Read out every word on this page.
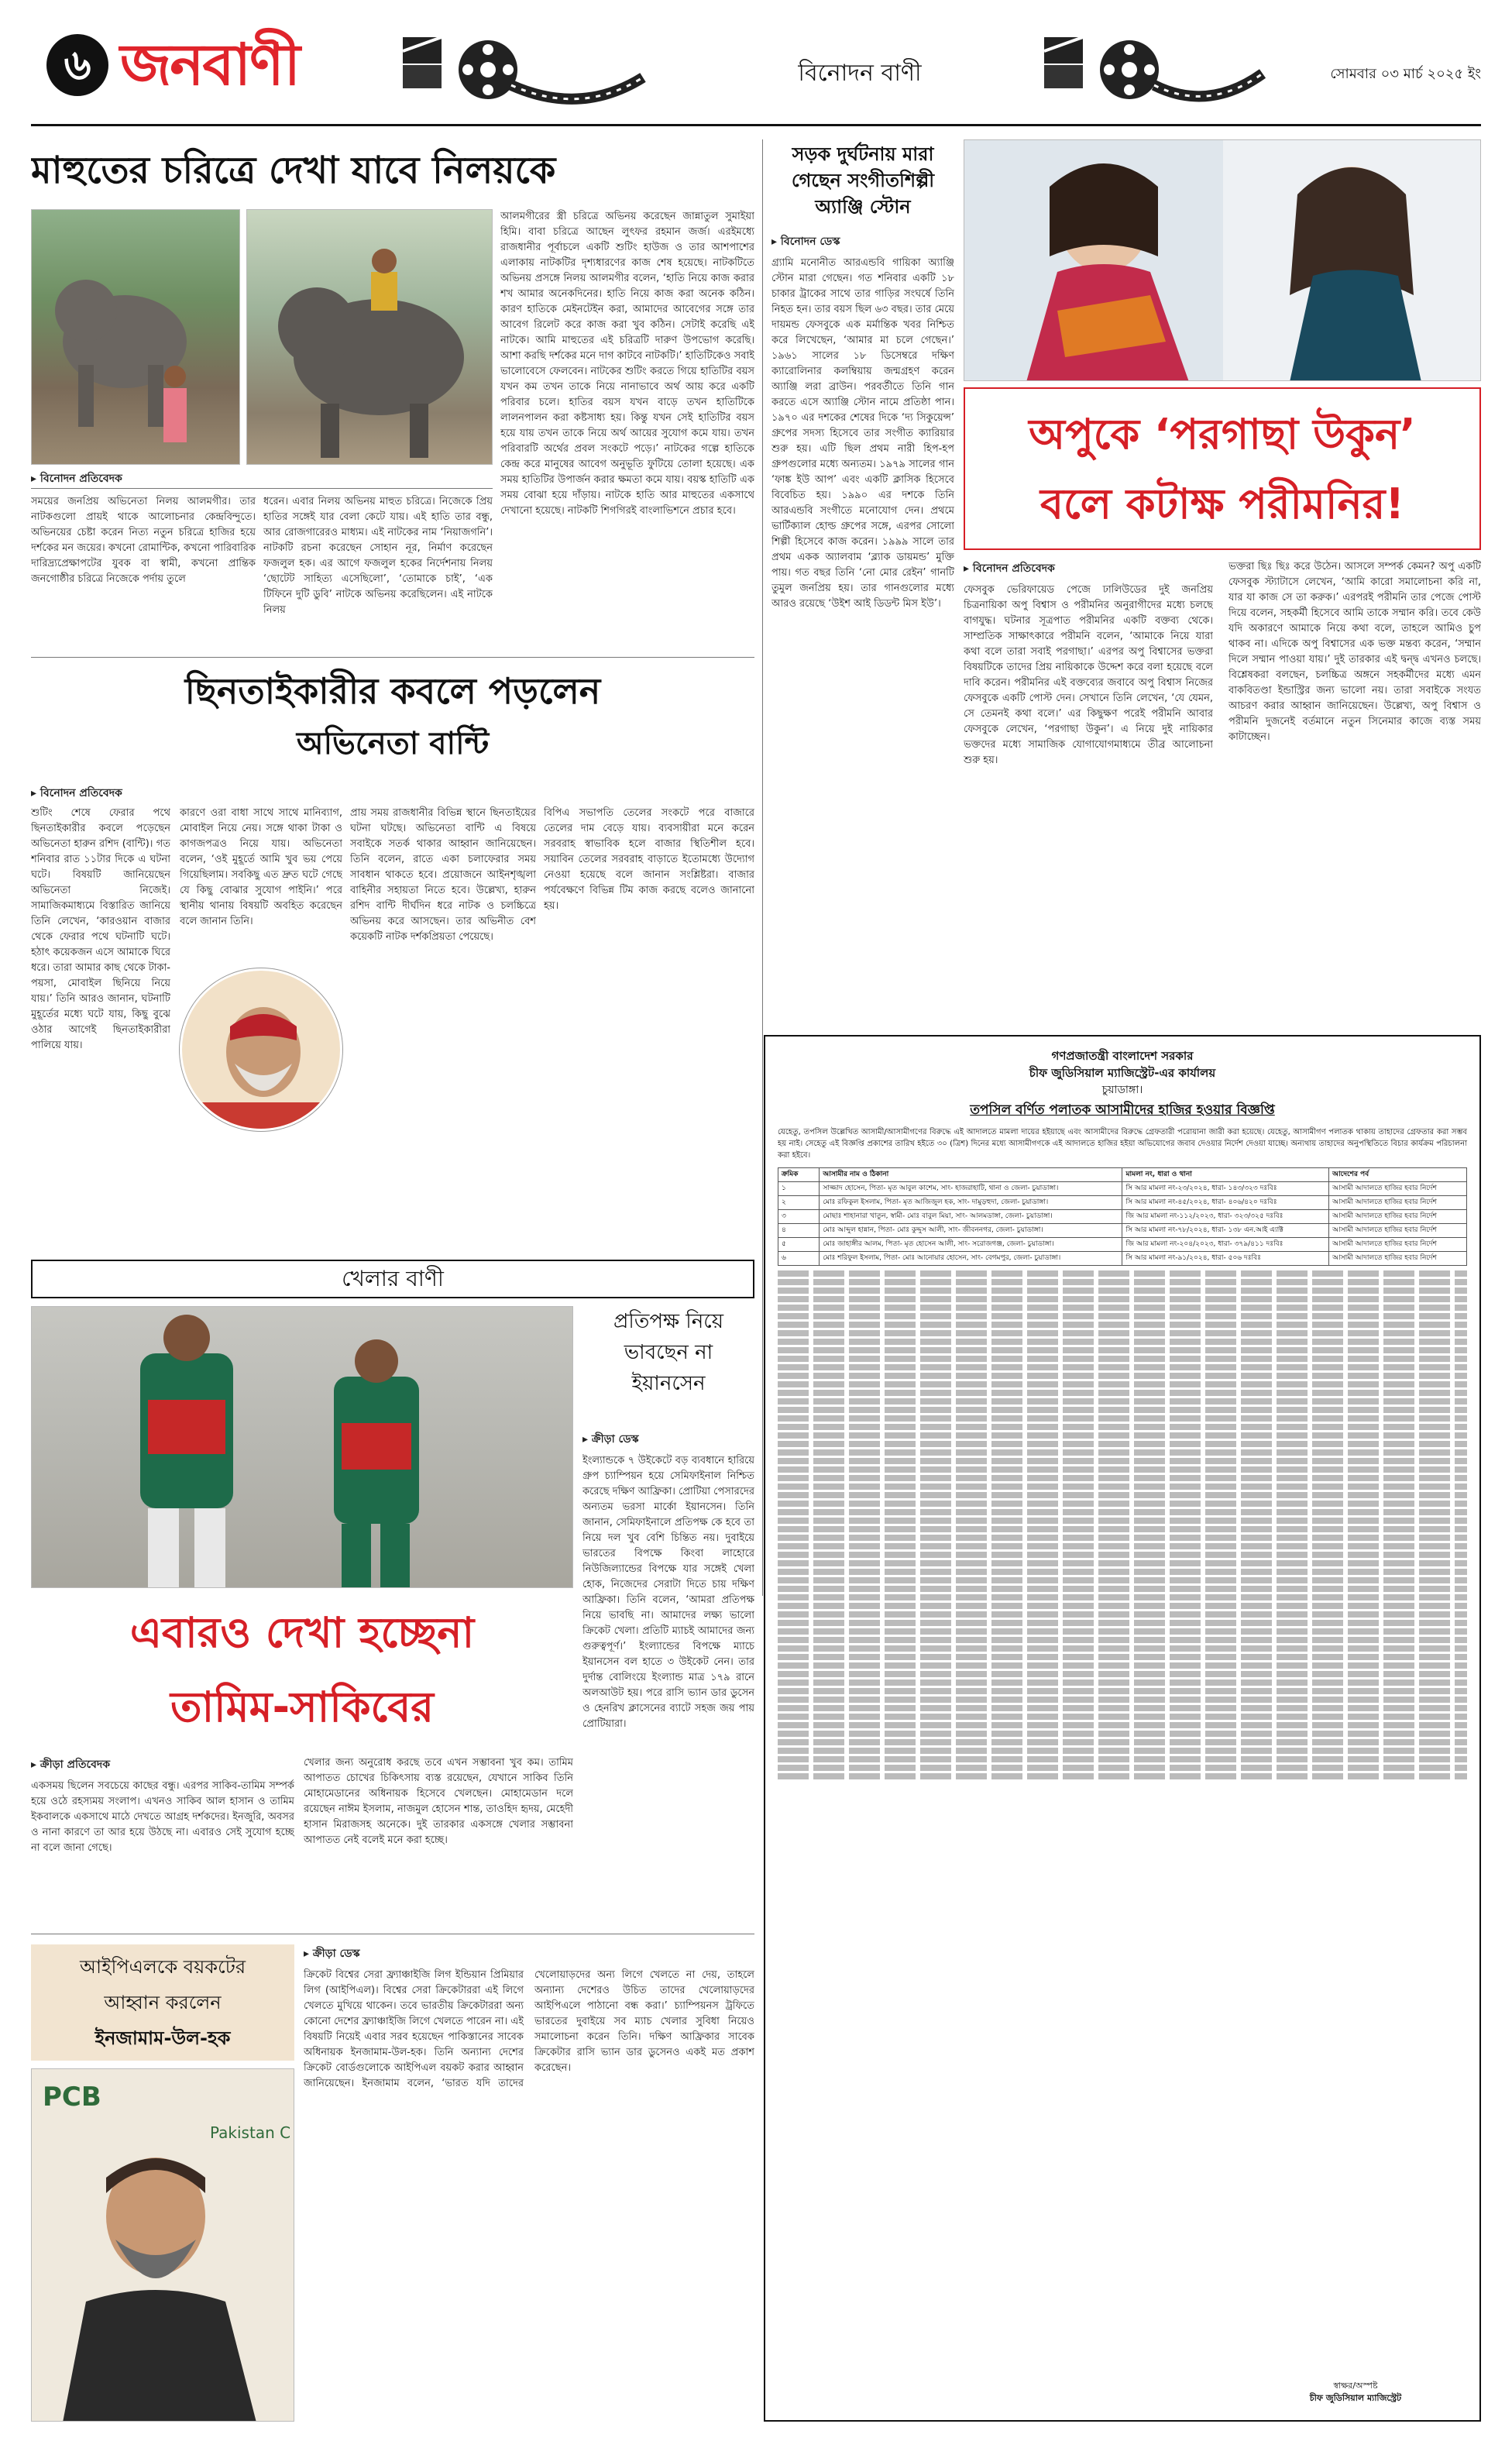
৬ জনবাণী	বিনোদন বাণী	সোমবার ০৩ মার্চ ২০২৫ ইং
মাহুতের চরিত্রে দেখা যাবে নিলয়কে
▸ বিনোদন প্রতিবেদক
সময়ের জনপ্রিয় অভিনেতা নিলয় আলমগীর। তার নাটকগুলো প্রায়ই থাকে আলোচনার কেন্দ্রবিন্দুতে। অভিনয়ের চেষ্টা করেন নিত্য নতুন চরিত্রে হাজির হয়ে দর্শকের মন জয়ের। কখনো রোমান্টিক, কখনো পারিবারিক দারিদ্র্যপ্রেক্ষাপটের যুবক বা স্বামী, কখনো প্রান্তিক জনগোষ্ঠীর চরিত্রে নিজেকে পর্দায় তুলে
ধরেন। এবার নিলয় অভিনয় মাহুত চরিত্রে। নিজেকে প্রিয় হাতির সঙ্গেই যার বেলা কেটে যায়। এই হাতি তার বন্ধু, আর রোজগারেরও মাধ্যম। এই নাটকের নাম ‘নিয়াজগনি’। নাটকটি রচনা করেছেন সোহান নূর, নির্মাণ করেছেন ফজলুল হক। এর আগে ফজলুল হকের নির্দেশনায় নিলয় ‘ছোটেট সাহিত্য এসেছিলো’, ‘তোমাকে চাই’, ‘এক টিফিনে দুটি ডুবি’ নাটকে অভিনয় করেছিলেন। এই নাটকে নিলয়
আলমগীরের স্ত্রী চরিত্রে অভিনয় করেছেন জান্নাতুল সুমাইয়া হিমি। বাবা চরিত্রে আছেন লুৎফর রহমান জর্জ। এরইমধ্যে রাজধানীর পূর্বাচলে একটি শুটিং হাউজ ও তার আশপাশের এলাকায় নাটকটির দৃশ্যধারণের কাজ শেষ হয়েছে। নাটকটিতে অভিনয় প্রসঙ্গে নিলয় আলমগীর বলেন, ‘হাতি নিয়ে কাজ করার শখ আমার অনেকদিনের। হাতি নিয়ে কাজ করা অনেক কঠিন। কারণ হাতিকে মেইনটেইন করা, আমাদের আবেগের সঙ্গে তার আবেগ রিলেট করে কাজ করা খুব কঠিন। সেটাই করেছি এই নাটকে। আমি মাহুতের এই চরিত্রটি দারুণ উপভোগ করেছি। আশা করছি দর্শকের মনে দাগ কাটবে নাটকটি।’ হাতিটিকেও সবাই ভালোবেসে ফেলবেন। নাটকের শুটিং করতে গিয়ে হাতিটির বয়স যখন কম তখন তাকে নিয়ে নানাভাবে অর্থ আয় করে একটি পরিবার চলে। হাতির বয়স যখন বাড়ে তখন হাতিটিকে লালনপালন করা কষ্টসাধ্য হয়। কিন্তু যখন সেই হাতিটির বয়স হয়ে যায় তখন তাকে নিয়ে অর্থ আয়ের সুযোগ কমে যায়। তখন পরিবারটি অর্থের প্রবল সংকটে পড়ে।’ নাটকের গল্পে হাতিকে কেন্দ্র করে মানুষের আবেগ অনুভূতি ফুটিয়ে তোলা হয়েছে। এক সময় হাতিটির উপার্জন করার ক্ষমতা কমে যায়। বয়স্ক হাতিটি এক সময় বোঝা হয়ে দাঁড়ায়। নাটকে হাতি আর মাহুতের একসাথে দেখানো হয়েছে। নাটকটি শিগগিরই বাংলাভিশনে প্রচার হবে।
সড়ক দুর্ঘটনায় মারা গেছেন সংগীতশিল্পী অ্যাঞ্জি স্টোন
▸ বিনোদন ডেস্ক
গ্র্যামি মনোনীত আরএন্ডবি গায়িকা অ্যাঞ্জি স্টোন মারা গেছেন। গত শনিবার একটি ১৮ চাকার ট্রাকের সাথে তার গাড়ির সংঘর্ষে তিনি নিহত হন। তার বয়স ছিল ৬৩ বছর। তার মেয়ে দায়মন্ড ফেসবুকে এক মর্মান্তিক খবর নিশ্চিত করে লিখেছেন, ‘আমার মা চলে গেছেন।’ ১৯৬১ সালের ১৮ ডিসেম্বরে দক্ষিণ ক্যারোলিনার কলম্বিয়ায় জন্মগ্রহণ করেন অ্যাঞ্জি লরা ব্রাউন। পরবর্তীতে তিনি গান করতে এসে অ্যাঞ্জি স্টোন নামে প্রতিষ্ঠা পান। ১৯৭০ এর দশকের শেষের দিকে ‘দ্য সিকুয়েন্স’ গ্রুপের সদস্য হিসেবে তার সংগীত ক্যারিয়ার শুরু হয়। এটি ছিল প্রথম নারী হিপ-হপ গ্রুপগুলোর মধ্যে অন্যতম। ১৯৭৯ সালের গান ‘ফাঙ্ক ইউ আপ’ এবং একটি ক্লাসিক হিসেবে বিবেচিত হয়। ১৯৯০ এর দশকে তিনি আরএন্ডবি সংগীতে মনোযোগ দেন। প্রথমে ভার্টিক্যাল হোল্ড গ্রুপের সঙ্গে, এরপর সোলো শিল্পী হিসেবে কাজ করেন। ১৯৯৯ সালে তার প্রথম একক অ্যালবাম ‘ব্ল্যাক ডায়মন্ড’ মুক্তি পায়। গত বছর তিনি ‘নো মোর রেইন’ গানটি তুমুল জনপ্রিয় হয়। তার গানগুলোর মধ্যে আরও রয়েছে ‘উইশ আই ডিডন্ট মিস ইউ’।
অপুকে ‘পরগাছা উকুন’
বলে কটাক্ষ পরীমনির!
▸ বিনোদন প্রতিবেদক
ফেসবুক ভেরিফায়েড পেজে ঢালিউডের দুই জনপ্রিয় চিত্রনায়িকা অপু বিশ্বাস ও পরীমনির অনুরাগীদের মধ্যে চলছে বাগযুদ্ধ। ঘটনার সূত্রপাত পরীমনির একটি বক্তব্য থেকে। সাম্প্রতিক সাক্ষাৎকারে পরীমনি বলেন, ‘আমাকে নিয়ে যারা কথা বলে তারা সবাই পরগাছা।’ এরপর অপু বিশ্বাসের ভক্তরা বিষয়টিকে তাদের প্রিয় নায়িকাকে উদ্দেশ করে বলা হয়েছে বলে দাবি করেন। পরীমনির এই বক্তব্যের জবাবে অপু বিশ্বাস নিজের ফেসবুকে একটি পোস্ট দেন। সেখানে তিনি লেখেন, ‘যে যেমন, সে তেমনই কথা বলে।’ এর কিছুক্ষণ পরেই পরীমনি আবার ফেসবুকে লেখেন, ‘পরগাছা উকুন’। এ নিয়ে দুই নায়িকার ভক্তদের মধ্যে সামাজিক যোগাযোগমাধ্যমে তীব্র আলোচনা শুরু হয়।
ভক্তরা ছিঃ ছিঃ করে উঠেন। আসলে সম্পর্ক কেমন? অপু একটি ফেসবুক স্ট্যাটাসে লেখেন, ‘আমি কারো সমালোচনা করি না, যার যা কাজ সে তা করুক।’ এরপরই পরীমনি তার পেজে পোস্ট দিয়ে বলেন, সহকর্মী হিসেবে আমি তাকে সম্মান করি। তবে কেউ যদি অকারণে আমাকে নিয়ে কথা বলে, তাহলে আমিও চুপ থাকব না। এদিকে অপু বিশ্বাসের এক ভক্ত মন্তব্য করেন, ‘সম্মান দিলে সম্মান পাওয়া যায়।’ দুই তারকার এই দ্বন্দ্ব এখনও চলছে। বিশ্লেষকরা বলছেন, চলচ্চিত্র অঙ্গনে সহকর্মীদের মধ্যে এমন বাকবিতণ্ডা ইন্ডাস্ট্রির জন্য ভালো নয়। তারা সবাইকে সংযত আচরণ করার আহ্বান জানিয়েছেন। উল্লেখ্য, অপু বিশ্বাস ও পরীমনি দুজনেই বর্তমানে নতুন সিনেমার কাজে ব্যস্ত সময় কাটাচ্ছেন।
গণপ্রজাতন্ত্রী বাংলাদেশ সরকার
চীফ জুডিসিয়াল ম্যাজিস্ট্রেট-এর কার্যালয়
চুয়াডাঙ্গা।
তপসিল বর্ণিত পলাতক আসামীদের হাজির হওয়ার বিজ্ঞপ্তি
যেহেতু, তপসিল উল্লেখিত আসামী/আসামীগণের বিরুদ্ধে এই আদালতে মামলা দায়ের হইয়াছে এবং আসামীদের বিরুদ্ধে গ্রেফতারী পরোয়ানা জারী করা হয়েছে। যেহেতু, আসামীগণ পলাতক থাকায় তাহাদের গ্রেফতার করা সম্ভব হয় নাই। সেহেতু এই বিজ্ঞপ্তি প্রকাশের তারিখ হইতে ৩০ (ত্রিশ) দিনের মধ্যে আসামীগণকে এই আদালতে হাজির হইয়া অভিযোগের জবাব দেওয়ার নির্দেশ দেওয়া যাচ্ছে। অন্যথায় তাহাদের অনুপস্থিতিতে বিচার কার্যক্রম পরিচালনা করা হইবে।
ক্রমিক	আসামীর নাম ও ঠিকানা	মামলা নং, ধারা ও থানা	আদেশের পর্ব
১	সাজ্জাদ হোসেন, পিতা- মৃত আবুল কাশেম, সাং- হাজরাহাটি, থানা ও জেলা- চুয়াডাঙ্গা।	সি আর মামলা নং-২৩/২০২৪, ধারা- ১৪৩/৩২৩ দঃবিঃ	আসামী আদালতে হাজির হবার নির্দেশ
২	মোঃ রফিকুল ইসলাম, পিতা- মৃত আজিজুল হক, সাং- দামুড়হুদা, জেলা- চুয়াডাঙ্গা।	সি আর মামলা নং-৪৫/২০২৪, ধারা- ৪০৬/৪২০ দঃবিঃ	আসামী আদালতে হাজির হবার নির্দেশ
৩	মোছাঃ শাহানারা খাতুন, স্বামী- মোঃ বাবুল মিয়া, সাং- আলমডাঙ্গা, জেলা- চুয়াডাঙ্গা।	জি আর মামলা নং-১১২/২০২৩, ধারা- ৩২৩/৩২৫ দঃবিঃ	আসামী আদালতে হাজির হবার নির্দেশ
৪	মোঃ আব্দুল হান্নান, পিতা- মোঃ কুদ্দুস আলী, সাং- জীবননগর, জেলা- চুয়াডাঙ্গা।	সি আর মামলা নং-৭৮/২০২৪, ধারা- ১৩৮ এন.আই এ্যাক্ট	আসামী আদালতে হাজির হবার নির্দেশ
৫	মোঃ জাহাঙ্গীর আলম, পিতা- মৃত হোসেন আলী, সাং- সরোজগঞ্জ, জেলা- চুয়াডাঙ্গা।	জি আর মামলা নং-২০৪/২০২৩, ধারা- ৩৭৯/৪১১ দঃবিঃ	আসামী আদালতে হাজির হবার নির্দেশ
৬	মোঃ শরিফুল ইসলাম, পিতা- মোঃ আনোয়ার হোসেন, সাং- বেগমপুর, জেলা- চুয়াডাঙ্গা।	সি আর মামলা নং-৯১/২০২৪, ধারা- ৫০৬ দঃবিঃ	আসামী আদালতে হাজির হবার নির্দেশ
স্বাক্ষর/অস্পষ্ট
চীফ জুডিসিয়াল ম্যাজিস্ট্রেট
ছিনতাইকারীর কবলে পড়লেন
অভিনেতা বান্টি
▸ বিনোদন প্রতিবেদক
শুটিং শেষে ফেরার পথে ছিনতাইকারীর কবলে পড়েছেন অভিনেতা হারুন রশিদ (বান্টি)। গত শনিবার রাত ১১টার দিকে এ ঘটনা ঘটে। বিষয়টি জানিয়েছেন অভিনেতা নিজেই। সামাজিকমাধ্যমে বিস্তারিত জানিয়ে তিনি লেখেন, ‘কারওয়ান বাজার থেকে ফেরার পথে ঘটনাটি ঘটে। হঠাৎ কয়েকজন এসে আমাকে ঘিরে ধরে। তারা আমার কাছ থেকে টাকা-পয়সা, মোবাইল ছিনিয়ে নিয়ে যায়।’ তিনি আরও জানান, ঘটনাটি মুহূর্তের মধ্যে ঘটে যায়, কিছু বুঝে ওঠার আগেই ছিনতাইকারীরা পালিয়ে যায়।
কারণে ওরা বাধা সাথে সাথে মানিব্যাগ, মোবাইল নিয়ে নেয়। সঙ্গে থাকা টাকা ও কাগজপত্রও নিয়ে যায়। অভিনেতা বলেন, ‘ওই মুহূর্তে আমি খুব ভয় পেয়ে গিয়েছিলাম। সবকিছু এত দ্রুত ঘটে গেছে যে কিছু বোঝার সুযোগ পাইনি।’ পরে স্থানীয় থানায় বিষয়টি অবহিত করেছেন বলে জানান তিনি।
প্রায় সময় রাজধানীর বিভিন্ন স্থানে ছিনতাইয়ের ঘটনা ঘটছে। অভিনেতা বান্টি এ বিষয়ে সবাইকে সতর্ক থাকার আহ্বান জানিয়েছেন। তিনি বলেন, রাতে একা চলাফেরার সময় সাবধান থাকতে হবে। প্রয়োজনে আইনশৃঙ্খলা বাহিনীর সহায়তা নিতে হবে। উল্লেখ্য, হারুন রশিদ বান্টি দীর্ঘদিন ধরে নাটক ও চলচ্চিত্রে অভিনয় করে আসছেন। তার অভিনীত বেশ কয়েকটি নাটক দর্শকপ্রিয়তা পেয়েছে।
বিপিএ সভাপতি তেলের সংকটে পরে বাজারে তেলের দাম বেড়ে যায়। ব্যবসায়ীরা মনে করেন সরবরাহ স্বাভাবিক হলে বাজার স্থিতিশীল হবে। সয়াবিন তেলের সরবরাহ বাড়াতে ইতোমধ্যে উদ্যোগ নেওয়া হয়েছে বলে জানান সংশ্লিষ্টরা। বাজার পর্যবেক্ষণে বিভিন্ন টিম কাজ করছে বলেও জানানো হয়।
খেলার বাণী
এবারও দেখা হচ্ছেনা
তামিম-সাকিবের
▸ ক্রীড়া প্রতিবেদক
একসময় ছিলেন সবচেয়ে কাছের বন্ধু। এরপর সাকিব-তামিম সম্পর্ক হয়ে ওঠে রহস্যময় সংলাপ। এখনও সাকিব আল হাসান ও তামিম ইকবালকে একসাথে মাঠে দেখতে আগ্রহ দর্শকদের। ইনজুরি, অবসর ও নানা কারণে তা আর হয়ে উঠছে না। এবারও সেই সুযোগ হচ্ছে না বলে জানা গেছে।
খেলার জন্য অনুরোধ করছে তবে এখন সম্ভাবনা খুব কম। তামিম আপাতত চোখের চিকিৎসায় ব্যস্ত রয়েছেন, যেখানে সাকিব তিনি মোহামেডানের অধিনায়ক হিসেবে খেলছেন। মোহামেডান দলে রয়েছেন নাঈম ইসলাম, নাজমুল হোসেন শান্ত, তাওহিদ হৃদয়, মেহেদী হাসান মিরাজসহ অনেকে। দুই তারকার একসঙ্গে খেলার সম্ভাবনা আপাতত নেই বলেই মনে করা হচ্ছে।
প্রতিপক্ষ নিয়ে
ভাবছেন না
ইয়ানসেন
▸ ক্রীড়া ডেস্ক
ইংল্যান্ডকে ৭ উইকেটে বড় ব্যবধানে হারিয়ে গ্রুপ চ্যাম্পিয়ন হয়ে সেমিফাইনাল নিশ্চিত করেছে দক্ষিণ আফ্রিকা। প্রোটিয়া পেসারদের অন্যতম ভরসা মার্কো ইয়ানসেন। তিনি জানান, সেমিফাইনালে প্রতিপক্ষ কে হবে তা নিয়ে দল খুব বেশি চিন্তিত নয়। দুবাইয়ে ভারতের বিপক্ষে কিংবা লাহোরে নিউজিল্যান্ডের বিপক্ষে যার সঙ্গেই খেলা হোক, নিজেদের সেরাটা দিতে চায় দক্ষিণ আফ্রিকা। তিনি বলেন, ‘আমরা প্রতিপক্ষ নিয়ে ভাবছি না। আমাদের লক্ষ্য ভালো ক্রিকেট খেলা। প্রতিটি ম্যাচই আমাদের জন্য গুরুত্বপূর্ণ।’ ইংল্যান্ডের বিপক্ষে ম্যাচে ইয়ানসেন বল হাতে ৩ উইকেট নেন। তার দুর্দান্ত বোলিংয়ে ইংল্যান্ড মাত্র ১৭৯ রানে অলআউট হয়। পরে রাসি ভ্যান ডার ডুসেন ও হেনরিখ ক্লাসেনের ব্যাটে সহজ জয় পায় প্রোটিয়ারা।
আইপিএলকে বয়কটের
আহ্বান করলেন
ইনজামাম-উল-হক
PCB
Pakistan C
▸ ক্রীড়া ডেস্ক
ক্রিকেট বিশ্বের সেরা ফ্র্যাঞ্চাইজি লিগ ইন্ডিয়ান প্রিমিয়ার লিগ (আইপিএল)। বিশ্বের সেরা ক্রিকেটাররা এই লিগে খেলতে মুখিয়ে থাকেন। তবে ভারতীয় ক্রিকেটাররা অন্য কোনো দেশের ফ্র্যাঞ্চাইজি লিগে খেলতে পারেন না। এই বিষয়টি নিয়েই এবার সরব হয়েছেন পাকিস্তানের সাবেক অধিনায়ক ইনজামাম-উল-হক। তিনি অন্যান্য দেশের ক্রিকেট বোর্ডগুলোকে আইপিএল বয়কট করার আহ্বান জানিয়েছেন। ইনজামাম বলেন, ‘ভারত যদি তাদের খেলোয়াড়দের অন্য লিগে খেলতে না দেয়, তাহলে অন্যান্য দেশেরও উচিত তাদের খেলোয়াড়দের আইপিএলে পাঠানো বন্ধ করা।’ চ্যাম্পিয়নস ট্রফিতে ভারতের দুবাইয়ে সব ম্যাচ খেলার সুবিধা নিয়েও সমালোচনা করেন তিনি। দক্ষিণ আফ্রিকার সাবেক ক্রিকেটার রাসি ভ্যান ডার ডুসেনও একই মত প্রকাশ করেছেন।
